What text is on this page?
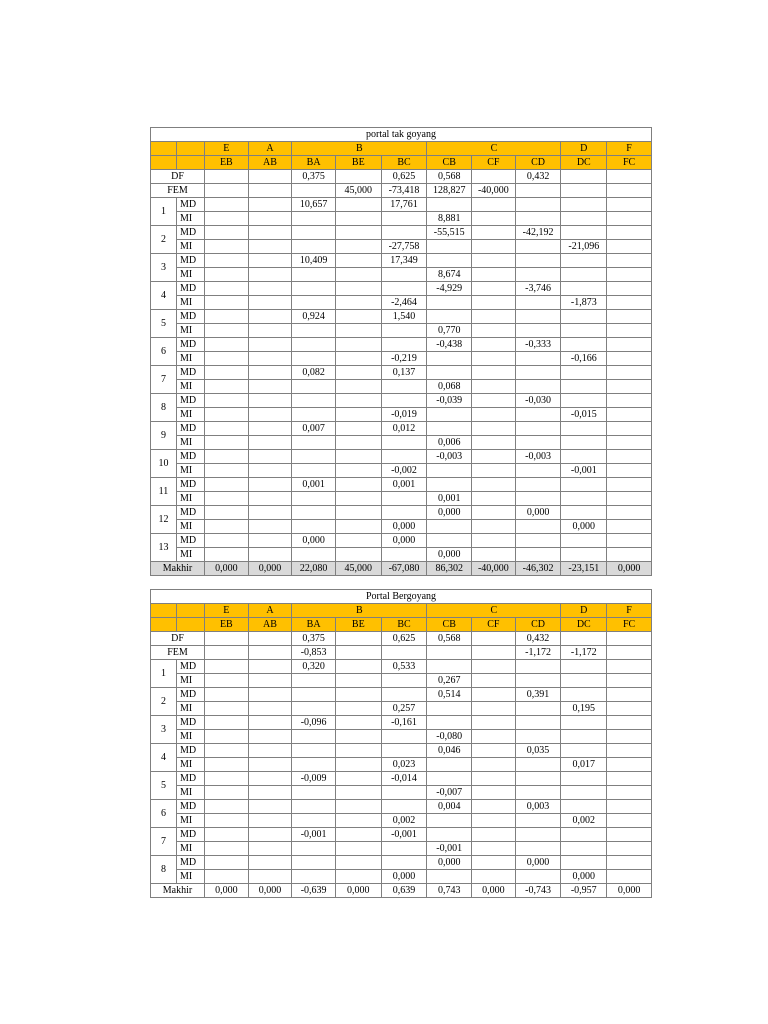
portal tak goyang											
		E	A	B			C			D	F
		EB	AB	BA	BE	BC	CB	CF	CD	DC	FC
DF				0,375		0,625	0,568		0,432		
FEM					45,000	-73,418	128,827	-40,000			
1	MD			10,657		17,761					
	MI						8,881				
2	MD						-55,515		-42,192		
	MI					-27,758				-21,096	
3	MD			10,409		17,349					
	MI						8,674				
4	MD						-4,929		-3,746		
	MI					-2,464				-1,873	
5	MD			0,924		1,540					
	MI						0,770				
6	MD						-0,438		-0,333		
	MI					-0,219				-0,166	
7	MD			0,082		0,137					
	MI						0,068				
8	MD						-0,039		-0,030		
	MI					-0,019				-0,015	
9	MD			0,007		0,012					
	MI						0,006				
10	MD						-0,003		-0,003		
	MI					-0,002				-0,001	
11	MD			0,001		0,001					
	MI						0,001				
12	MD						0,000		0,000		
	MI					0,000				0,000	
13	MD			0,000		0,000					
	MI						0,000				
Makhir		0,000	0,000	22,080	45,000	-67,080	86,302	-40,000	-46,302	-23,151	0,000
Portal Bergoyang											
		E	A	B			C			D	F
		EB	AB	BA	BE	BC	CB	CF	CD	DC	FC
DF				0,375		0,625	0,568		0,432		
FEM				-0,853					-1,172	-1,172	
1	MD			0,320		0,533					
	MI						0,267				
2	MD						0,514		0,391		
	MI					0,257				0,195	
3	MD			-0,096		-0,161					
	MI						-0,080				
4	MD						0,046		0,035		
	MI					0,023				0,017	
5	MD			-0,009		-0,014					
	MI						-0,007				
6	MD						0,004		0,003		
	MI					0,002				0,002	
7	MD			-0,001		-0,001					
	MI						-0,001				
8	MD						0,000		0,000		
	MI					0,000				0,000	
Makhir		0,000	0,000	-0,639	0,000	0,639	0,743	0,000	-0,743	-0,957	0,000
